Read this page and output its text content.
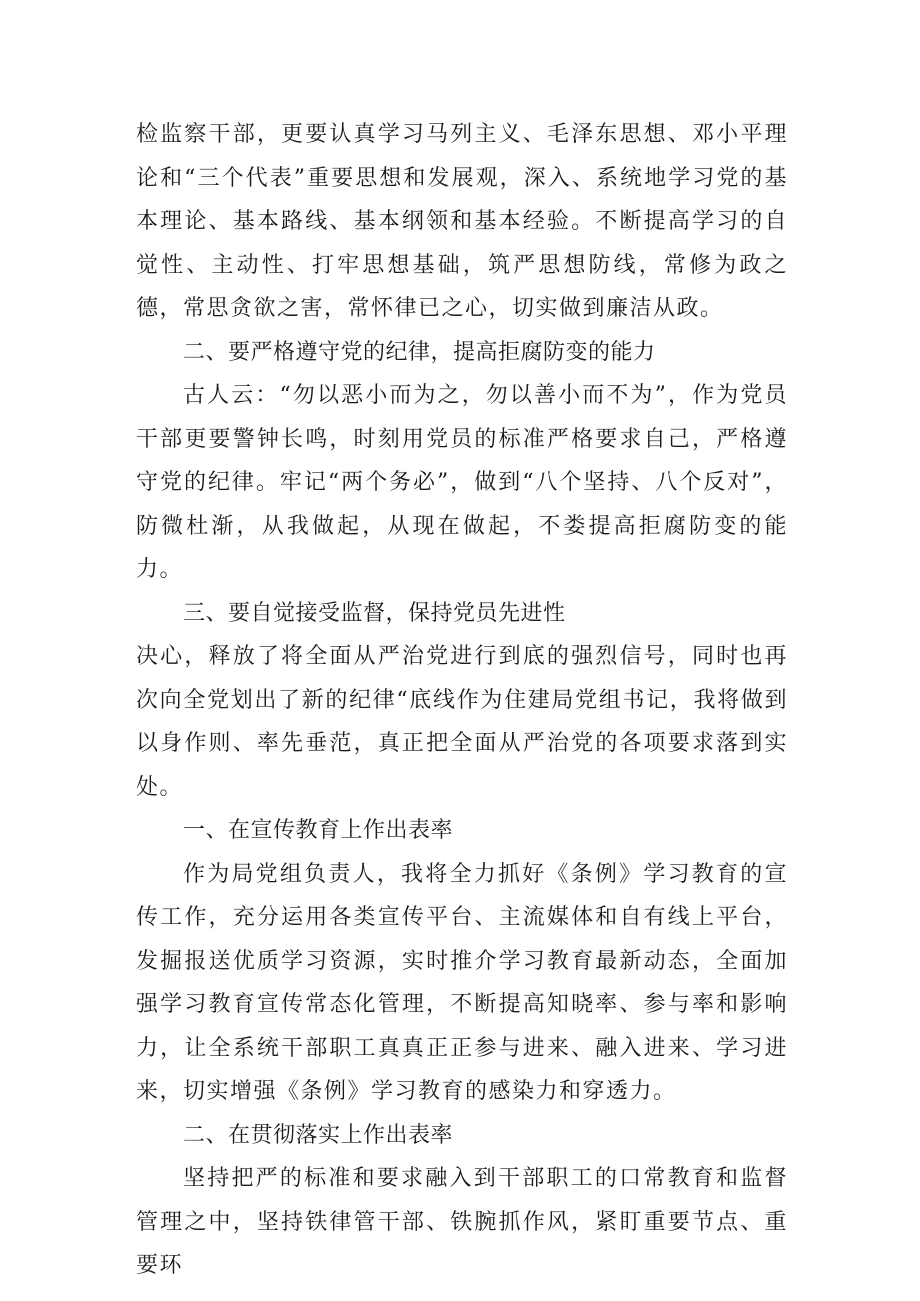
检监察干部，更要认真学习马列主义、毛泽东思想、邓小平理论和“三个代表”重要思想和发展观，深入、系统地学习党的基本理论、基本路线、基本纲领和基本经验。不断提高学习的自觉性、主动性、打牢思想基础，筑严思想防线，常修为政之德，常思贪欲之害，常怀律已之心，切实做到廉洁从政。

二、要严格遵守党的纪律，提高拒腐防变的能力

古人云：“勿以恶小而为之，勿以善小而不为”，作为党员干部更要警钟长鸣，时刻用党员的标准严格要求自己，严格遵守党的纪律。牢记“两个务必”，做到“八个坚持、八个反对”，防微杜渐，从我做起，从现在做起，不娄提高拒腐防变的能力。

三、要自觉接受监督，保持党员先进性

决心，释放了将全面从严治党进行到底的强烈信号，同时也再次向全党划出了新的纪律“底线作为住建局党组书记，我将做到以身作则、率先垂范，真正把全面从严治党的各项要求落到实处。

一、在宣传教育上作出表率

作为局党组负责人，我将全力抓好《条例》学习教育的宣传工作，充分运用各类宣传平台、主流媒体和自有线上平台，发掘报送优质学习资源，实时推介学习教育最新动态，全面加强学习教育宣传常态化管理，不断提高知晓率、参与率和影响力，让全系统干部职工真真正正参与进来、融入进来、学习进来，切实增强《条例》学习教育的感染力和穿透力。

二、在贯彻落实上作出表率

坚持把严的标准和要求融入到干部职工的口常教育和监督管理之中，坚持铁律管干部、铁腕抓作风，紧盯重要节点、重要环
